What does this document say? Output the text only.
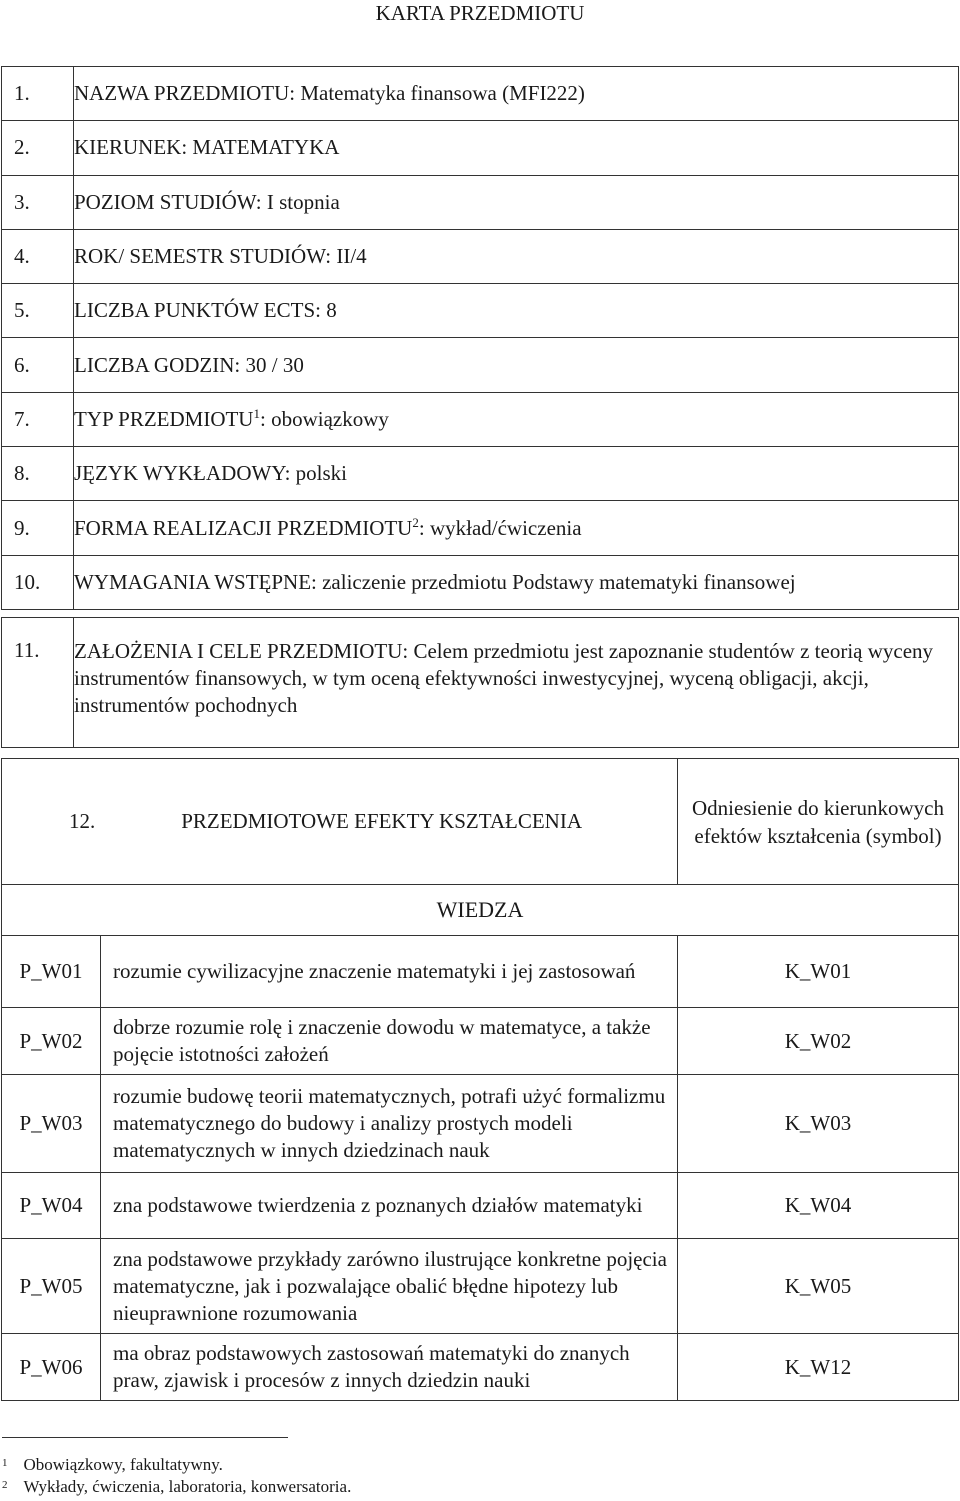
KARTA PRZEDMIOTU
1.	NAZWA PRZEDMIOTU: Matematyka finansowa (MFI222)
2.	KIERUNEK: MATEMATYKA
3.	POZIOM STUDIÓW: I stopnia
4.	ROK/ SEMESTR STUDIÓW: II/4
5.	LICZBA PUNKTÓW ECTS: 8
6.	LICZBA GODZIN: 30 / 30
7.	TYP PRZEDMIOTU$^1$: obowiązkowy
8.	JĘZYK WYKŁADOWY: polski
9.	FORMA REALIZACJI PRZEDMIOTU$^2$: wykład/ćwiczenia
10.	WYMAGANIA WSTĘPNE: zaliczenie przedmiotu Podstawy matematyki finansowej
11.	ZAŁOŻENIA I CELE PRZEDMIOTU: Celem przedmiotu jest zapoznanie studentów z teorią wyceny instrumentów finansowych, w tym oceną efektywności inwestycyjnej, wyceną obligacji, akcji, instrumentów pochodnych
12. PRZEDMIOTOWE EFEKTY KSZTAŁCENIA		Odniesienie do kierunkowych efektów kształcenia (symbol)
WIEDZA		
P_W01	rozumie cywilizacyjne znaczenie matematyki i jej zastosowań	K_W01
P_W02	dobrze rozumie rolę i znaczenie dowodu w matematyce, a także pojęcie istotności założeń	K_W02
P_W03	rozumie budowę teorii matematycznych, potrafi użyć formalizmu matematycznego do budowy i analizy prostych modeli matematycznych w innych dziedzinach nauk	K_W03
P_W04	zna podstawowe twierdzenia z poznanych działów matematyki	K_W04
P_W05	zna podstawowe przykłady zarówno ilustrujące konkretne pojęcia matematyczne, jak i pozwalające obalić błędne hipotezy lub nieuprawnione rozumowania	K_W05
P_W06	ma obraz podstawowych zastosowań matematyki do znanych praw, zjawisk i procesów z innych dziedzin nauki	K_W12
$^1$ Obowiązkowy, fakultatywny.
$^2$ Wykłady, ćwiczenia, laboratoria, konwersatoria.
